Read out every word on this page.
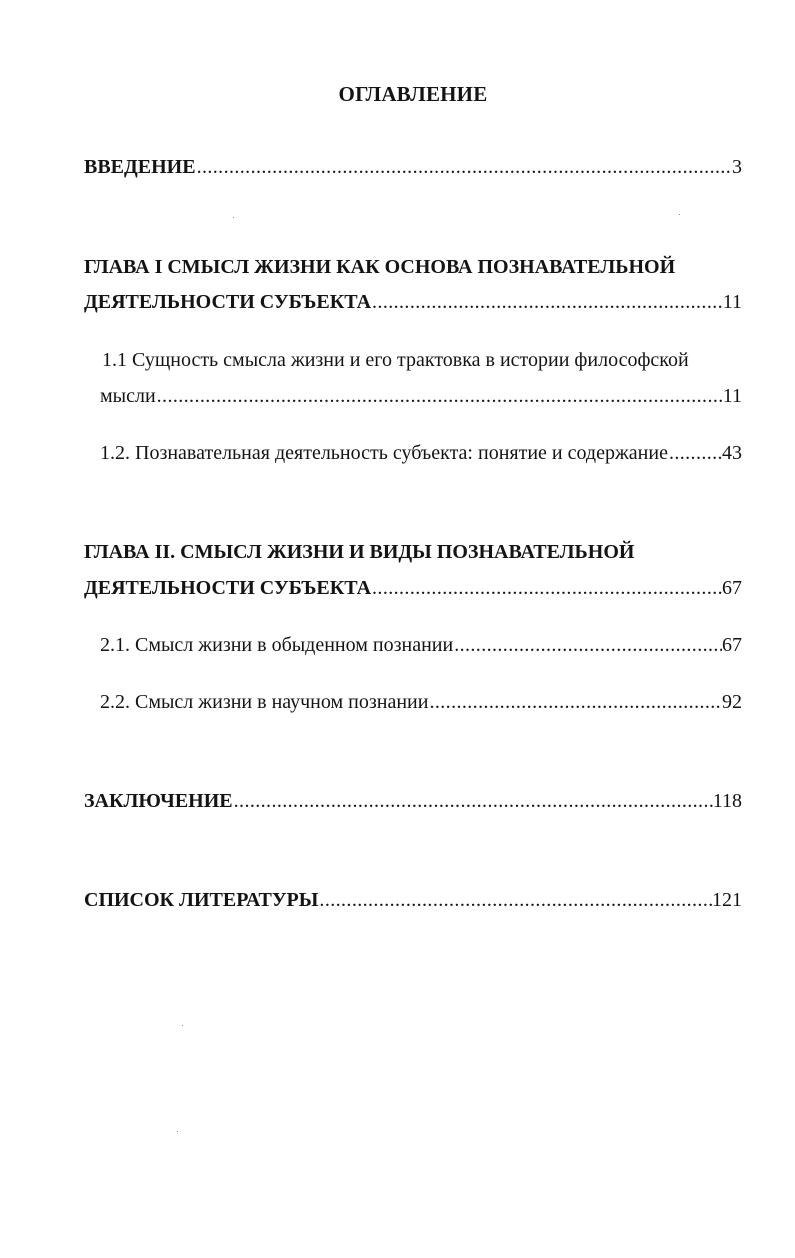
ОГЛАВЛЕНИЕ
ВВЕДЕНИЕ .....	3
ГЛАВА I СМЫСЛ ЖИЗНИ КАК ОСНОВА ПОЗНАВАТЕЛЬНОЙ
ДЕЯТЕЛЬНОСТИ СУБЪЕКТА .....	11
1.1 Сущность смысла жизни и его трактовка в истории философской
мысли .....	11
1.2. Познавательная деятельность субъекта: понятие и содержание .....	43
ГЛАВА II. СМЫСЛ ЖИЗНИ И ВИДЫ ПОЗНАВАТЕЛЬНОЙ
ДЕЯТЕЛЬНОСТИ СУБЪЕКТА .....	67
2.1. Смысл жизни в обыденном познании .....	67
2.2. Смысл жизни в научном познании .....	92
ЗАКЛЮЧЕНИЕ .....	118
СПИСОК ЛИТЕРАТУРЫ .....	121
